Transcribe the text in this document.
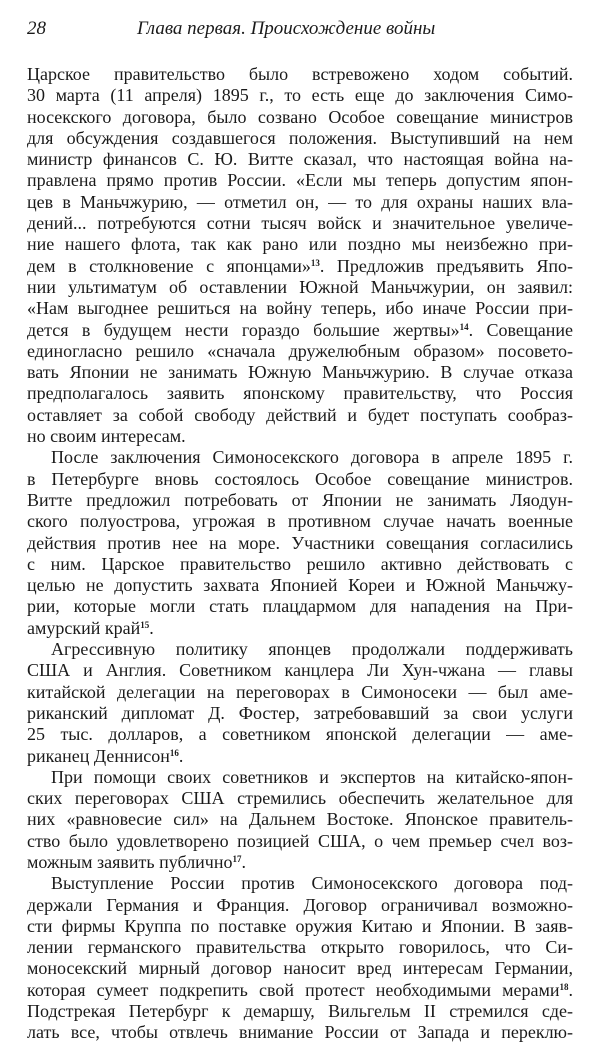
28	Глава первая. Происхождение войны
Царское правительство было встревожено ходом событий.
30 марта (11 апреля) 1895 г., то есть еще до заключения Симо-
носекского договора, было созвано Особое совещание министров
для обсуждения создавшегося положения. Выступивший на нем
министр финансов С. Ю. Витте сказал, что настоящая война на-
правлена прямо против России. «Если мы теперь допустим япон-
цев в Маньчжурию, — отметил он, — то для охраны наших вла-
дений... потребуются сотни тысяч войск и значительное увеличе-
ние нашего флота, так как рано или поздно мы неизбежно при-
дем в столкновение с японцами»$^{13}$. Предложив предъявить Япо-
нии ультиматум об оставлении Южной Маньчжурии, он заявил:
«Нам выгоднее решиться на войну теперь, ибо иначе России при-
дется в будущем нести гораздо большие жертвы»$^{14}$. Совещание
единогласно решило «сначала дружелюбным образом» посовето-
вать Японии не занимать Южную Маньчжурию. В случае отказа
предполагалось заявить японскому правительству, что Россия
оставляет за собой свободу действий и будет поступать сообраз-
но своим интересам.
После заключения Симоносекского договора в апреле 1895 г.
в Петербурге вновь состоялось Особое совещание министров.
Витте предложил потребовать от Японии не занимать Ляодун-
ского полуострова, угрожая в противном случае начать военные
действия против нее на море. Участники совещания согласились
с ним. Царское правительство решило активно действовать с
целью не допустить захвата Японией Кореи и Южной Маньчжу-
рии, которые могли стать плацдармом для нападения на При-
амурский край$^{15}$.
Агрессивную политику японцев продолжали поддерживать
США и Англия. Советником канцлера Ли Хун-чжана — главы
китайской делегации на переговорах в Симоносеки — был аме-
риканский дипломат Д. Фостер, затребовавший за свои услуги
25 тыс. долларов, а советником японской делегации — аме-
риканец Деннисон$^{16}$.
При помощи своих советников и экспертов на китайско-япон-
ских переговорах США стремились обеспечить желательное для
них «равновесие сил» на Дальнем Востоке. Японское правитель-
ство было удовлетворено позицией США, о чем премьер счел воз-
можным заявить публично$^{17}$.
Выступление России против Симоносекского договора под-
держали Германия и Франция. Договор ограничивал возможно-
сти фирмы Круппа по поставке оружия Китаю и Японии. В заяв-
лении германского правительства открыто говорилось, что Си-
моносекский мирный договор наносит вред интересам Германии,
которая сумеет подкрепить свой протест необходимыми мерами$^{18}$.
Подстрекая Петербург к демаршу, Вильгельм II стремился сде-
лать все, чтобы отвлечь внимание России от Запада и переклю-
